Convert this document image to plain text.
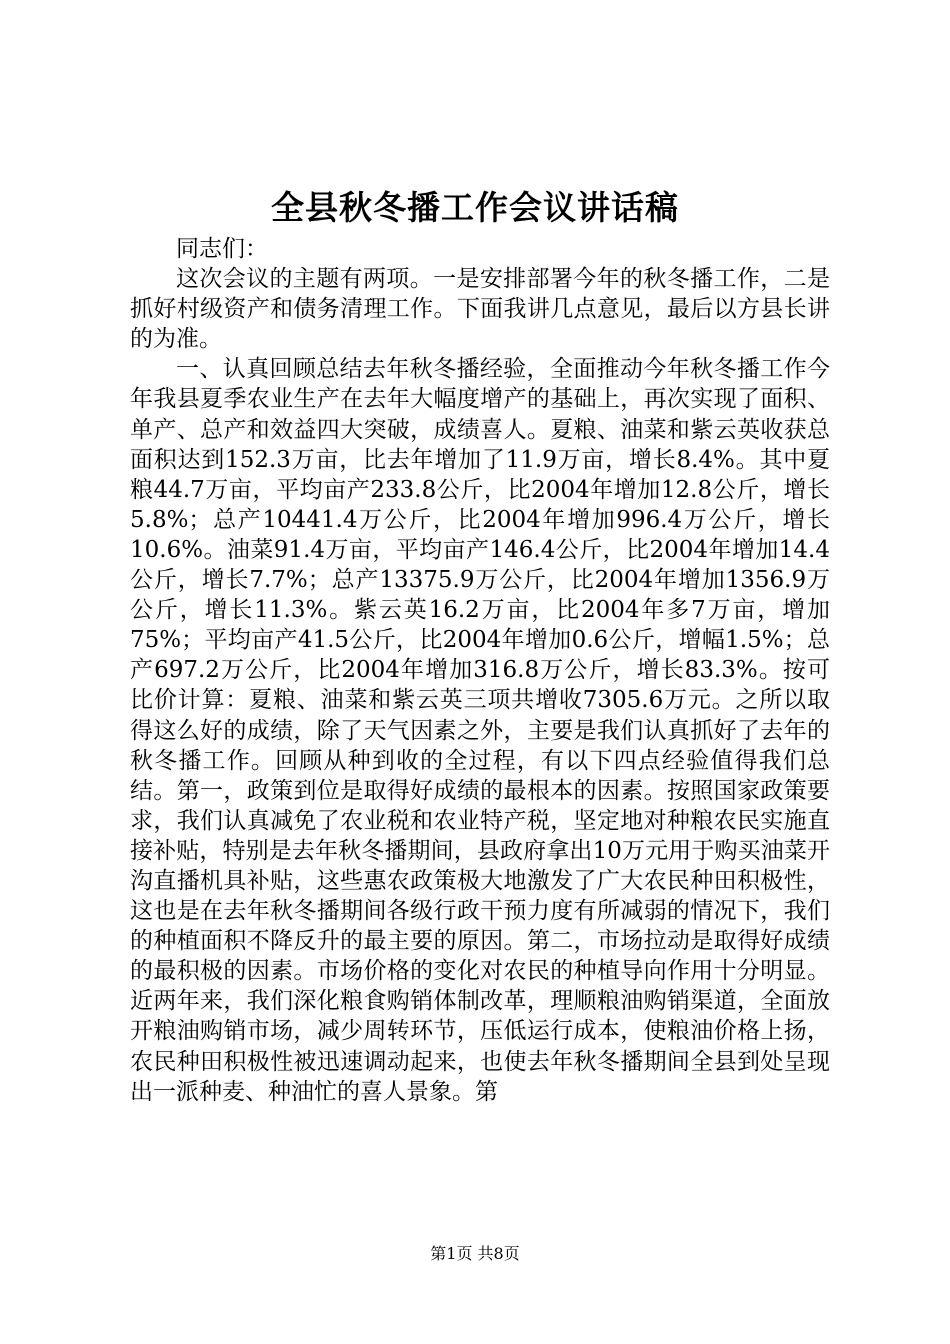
全县秋冬播工作会议讲话稿

同志们：

这次会议的主题有两项。一是安排部署今年的秋冬播工作，二是抓好村级资产和债务清理工作。下面我讲几点意见，最后以方县长讲的为准。

一、认真回顾总结去年秋冬播经验，全面推动今年秋冬播工作今年我县夏季农业生产在去年大幅度增产的基础上，再次实现了面积、单产、总产和效益四大突破，成绩喜人。夏粮、油菜和紫云英收获总面积达到152.3万亩，比去年增加了11.9万亩，增长8.4%。其中夏粮44.7万亩，平均亩产233.8公斤，比2004年增加12.8公斤，增长5.8%；总产10441.4万公斤，比2004年增加996.4万公斤，增长10.6%。油菜91.4万亩，平均亩产146.4公斤，比2004年增加14.4公斤，增长7.7%；总产13375.9万公斤，比2004年增加1356.9万公斤，增长11.3%。紫云英16.2万亩，比2004年多7万亩，增加75%；平均亩产41.5公斤，比2004年增加0.6公斤，增幅1.5%；总产697.2万公斤，比2004年增加316.8万公斤，增长83.3%。按可比价计算：夏粮、油菜和紫云英三项共增收7305.6万元。之所以取得这么好的成绩，除了天气因素之外，主要是我们认真抓好了去年的秋冬播工作。回顾从种到收的全过程，有以下四点经验值得我们总结。第一，政策到位是取得好成绩的最根本的因素。按照国家政策要求，我们认真减免了农业税和农业特产税，坚定地对种粮农民实施直接补贴，特别是去年秋冬播期间，县政府拿出10万元用于购买油菜开沟直播机具补贴，这些惠农政策极大地激发了广大农民种田积极性，这也是在去年秋冬播期间各级行政干预力度有所减弱的情况下，我们的种植面积不降反升的最主要的原因。第二，市场拉动是取得好成绩的最积极的因素。市场价格的变化对农民的种植导向作用十分明显。近两年来，我们深化粮食购销体制改革，理顺粮油购销渠道，全面放开粮油购销市场，减少周转环节，压低运行成本，使粮油价格上扬，农民种田积极性被迅速调动起来，也使去年秋冬播期间全县到处呈现出一派种麦、种油忙的喜人景象。第

第1页 共8页
